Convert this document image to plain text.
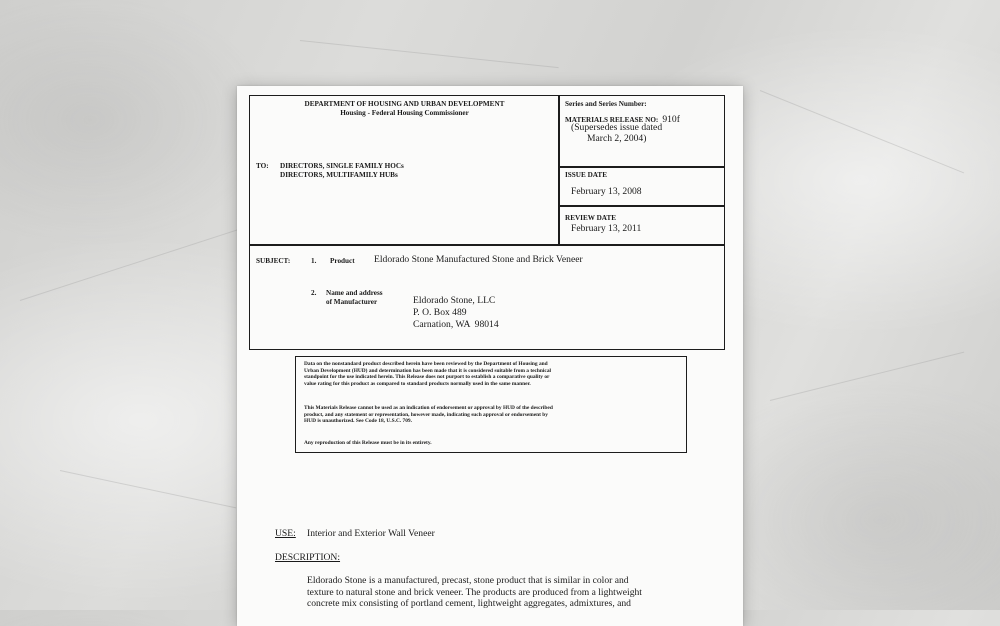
DEPARTMENT OF HOUSING AND URBAN DEVELOPMENT
Housing - Federal Housing Commissioner
TO: DIRECTORS, SINGLE FAMILY HOCs
DIRECTORS, MULTIFAMILY HUBs
Series and Series Number:
MATERIALS RELEASE NO: 910f
(Supersedes issue dated
March 2, 2004)
ISSUE DATE
February 13, 2008
REVIEW DATE
February 13, 2011
SUBJECT:	1. Product Eldorado Stone Manufactured Stone and Brick Veneer
2. Name and address
of Manufacturer	Eldorado Stone, LLC
P. O. Box 489
Carnation, WA  98014
Data on the nonstandard product described herein have been reviewed by the Department of Housing and
Urban Development (HUD) and determination has been made that it is considered suitable from a technical
standpoint for the use indicated herein. This Release does not purport to establish a comparative quality or
value rating for this product as compared to standard products normally used in the same manner.
This Materials Release cannot be used as an indication of endorsement or approval by HUD of the described
product, and any statement or representation, however made, indicating such approval or endorsement by
HUD is unauthorized. See Code 18, U.S.C. 709.
Any reproduction of this Release must be in its entirety.
USE: Interior and Exterior Wall Veneer
DESCRIPTION:
Eldorado Stone is a manufactured, precast, stone product that is similar in color and
texture to natural stone and brick veneer. The products are produced from a lightweight
concrete mix consisting of portland cement, lightweight aggregates, admixtures, and
